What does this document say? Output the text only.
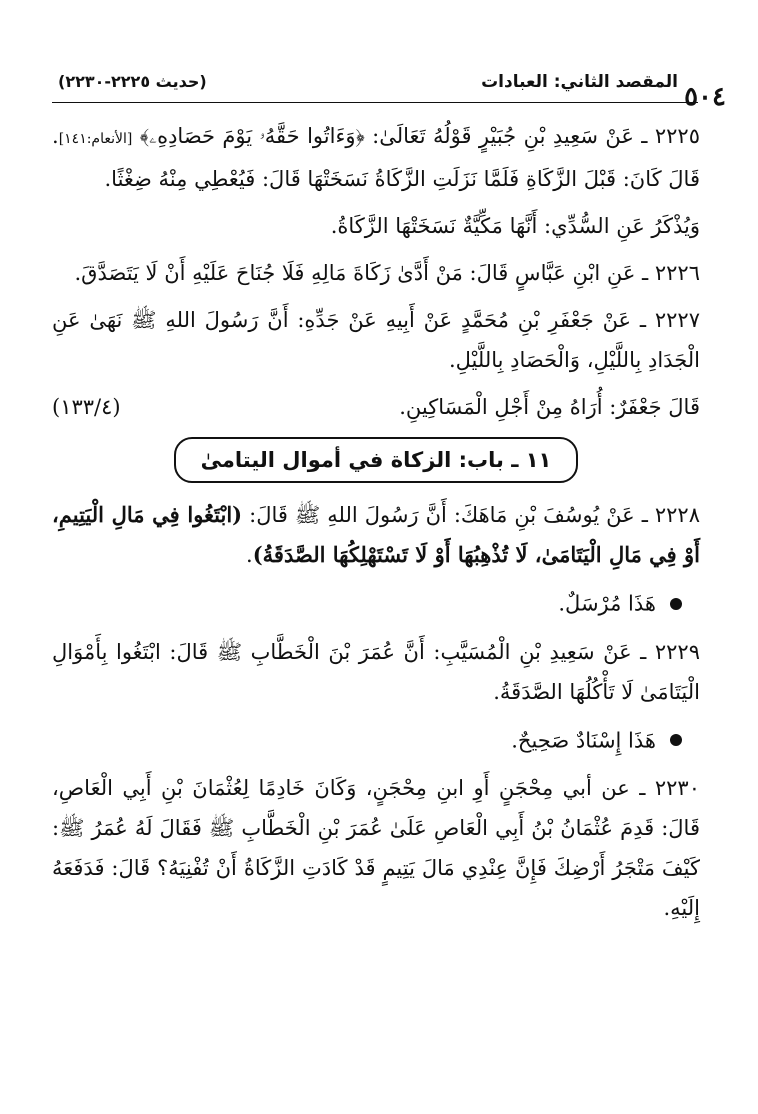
٥٠٤
المقصد الثاني: العبادات
(حديث ٢٢٢٥-٢٢٣٠)

٢٢٢٥ ـ عَنْ سَعِيدِ بْنِ جُبَيْرٍ قَوْلُهُ تَعَالَىٰ: ﴿وَءَاتُوا حَقَّهُۥ يَوْمَ حَصَادِهِۦ﴾ [الأنعام:١٤١]. قَالَ كَانَ: قَبْلَ الزَّكَاةِ فَلَمَّا نَزَلَتِ الزَّكَاةُ نَسَخَتْهَا قَالَ: فَيُعْطِي مِنْهُ ضِغْثًا.

وَيُذْكَرُ عَنِ السُّدِّي: أَنَّهَا مَكِّيَّةٌ نَسَخَتْهَا الزَّكَاةُ.

٢٢٢٦ ـ عَنِ ابْنِ عَبَّاسٍ قَالَ: مَنْ أَدَّىٰ زَكَاةَ مَالِهِ فَلَا جُنَاحَ عَلَيْهِ أَنْ لَا يَتَصَدَّقَ.

٢٢٢٧ ـ عَنْ جَعْفَرِ بْنِ مُحَمَّدٍ عَنْ أَبِيهِ عَنْ جَدِّهِ: أَنَّ رَسُولَ اللهِ ﷺ نَهَىٰ عَنِ الْجَدَادِ بِاللَّيْلِ، وَالْحَصَادِ بِاللَّيْلِ.

قَالَ جَعْفَرٌ: أُرَاهُ مِنْ أَجْلِ الْمَسَاكِينِ.
(١٣٣/٤)
١١ ـ باب: الزكاة في أموال اليتامىٰ

٢٢٢٨ ـ عَنْ يُوسُفَ بْنِ مَاهَكَ: أَنَّ رَسُولَ اللهِ ﷺ قَالَ: (ابْتَغُوا فِي مَالِ الْيَتِيمِ، أَوْ فِي مَالِ الْيَتَامَىٰ، لَا تُذْهِبُهَا أَوْ لَا تَسْتَهْلِكُهَا الصَّدَقَةُ).

هَذَا مُرْسَلٌ.

٢٢٢٩ ـ عَنْ سَعِيدِ بْنِ الْمُسَيَّبِ: أَنَّ عُمَرَ بْنَ الْخَطَّابِ ﷺ قَالَ: ابْتَغُوا بِأَمْوَالِ الْيَتَامَىٰ لَا تَأْكُلُهَا الصَّدَقَةُ.

هَذَا إِسْنَادٌ صَحِيحٌ.

٢٢٣٠ ـ عن أبي مِحْجَنٍ أَوِ ابنِ مِحْجَنٍ، وَكَانَ خَادِمًا لِعُثْمَانَ بْنِ أَبِي الْعَاصِ، قَالَ: قَدِمَ عُثْمَانُ بْنُ أَبِي الْعَاصِ عَلَىٰ عُمَرَ بْنِ الْخَطَّابِ ﷺ فَقَالَ لَهُ عُمَرُ ﷺ: كَيْفَ مَتْجَرُ أَرْضِكَ فَإِنَّ عِنْدِي مَالَ يَتِيمٍ قَدْ كَادَتِ الزَّكَاةُ أَنْ تُفْنِيَهُ؟ قَالَ: فَدَفَعَهُ إِلَيْهِ.
